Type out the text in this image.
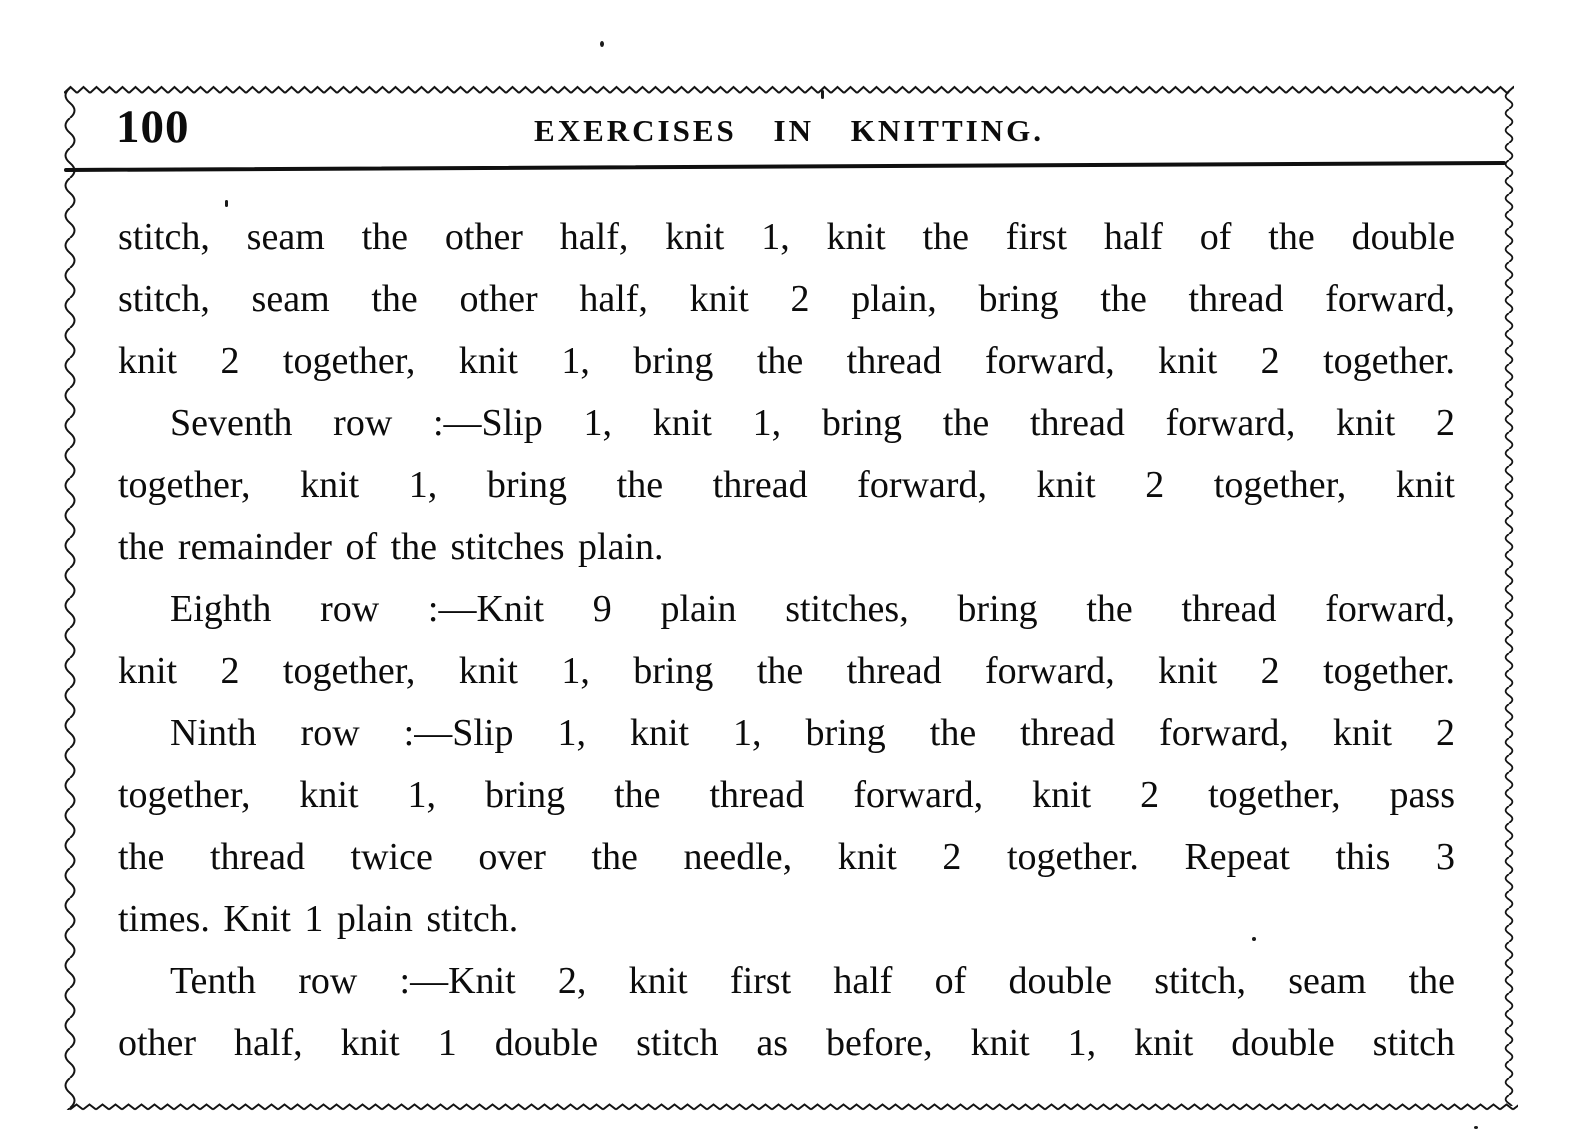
100	EXERCISES IN KNITTING.

stitch, seam the other half, knit 1, knit the first half of the double
stitch, seam the other half, knit 2 plain, bring the thread forward,
knit 2 together, knit 1, bring the thread forward, knit 2 together.

Seventh row :—Slip 1, knit 1, bring the thread forward, knit 2
together, knit 1, bring the thread forward, knit 2 together, knit
the remainder of the stitches plain.

Eighth row :—Knit 9 plain stitches, bring the thread forward,
knit 2 together, knit 1, bring the thread forward, knit 2 together.

Ninth row :—Slip 1, knit 1, bring the thread forward, knit 2
together, knit 1, bring the thread forward, knit 2 together, pass
the thread twice over the needle, knit 2 together. Repeat this 3
times. Knit 1 plain stitch.

Tenth row :—Knit 2, knit first half of double stitch, seam the
other half, knit 1 double stitch as before, knit 1, knit double stitch
